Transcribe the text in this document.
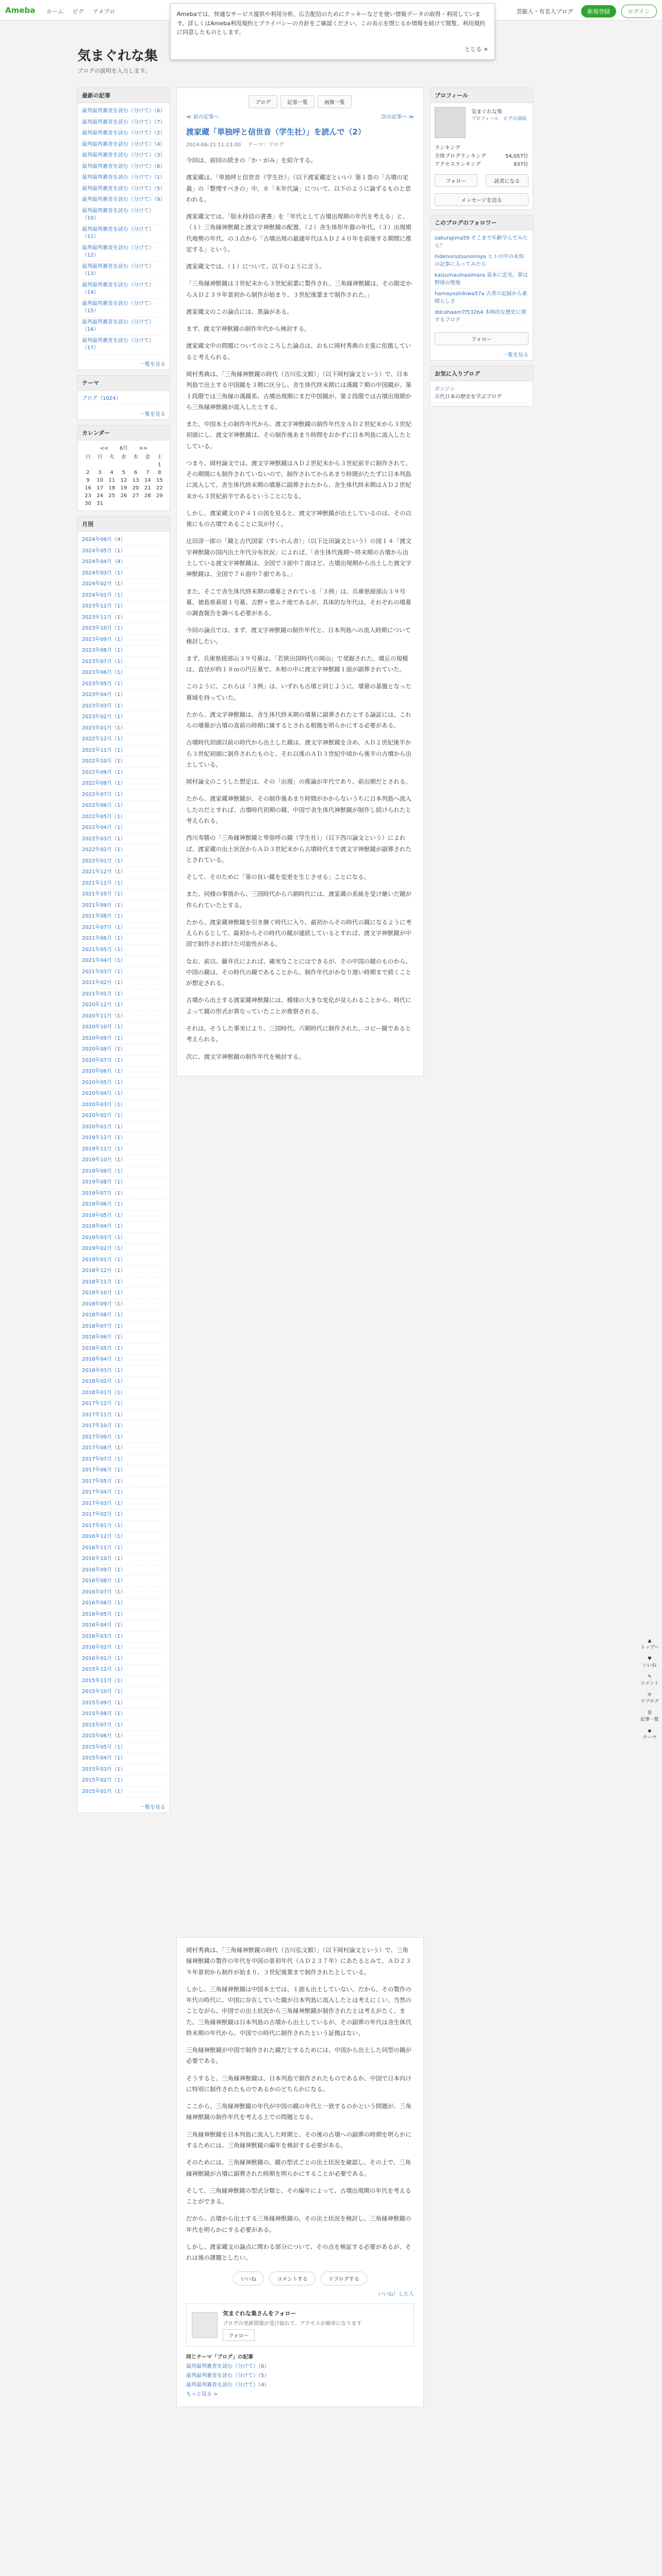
Ameba ホーム ピグ アメブロ	芸能人・有名人ブログ	新規登録	ログイン
Amebaでは、快適なサービス提供や利用分析、広告配信のためにクッキーなどを使い情報データの取得・利用しています。詳しくはAmeba利用規約とプライバシーの方針をご確認ください。この表示を閉じるか情報を続けて閲覧、利用規約に同意したものとします。
とじる ×
気まぐれな集
ブログの説明を入力します。
最新の記事
最判最判審査を読む（分けて）（6）
最判最判審査を読む（分けて）（7）
最判最判審査を読む（分けて）（2）
最判最判審査を読む（分けて）（4）
最判最判審査を読む（分けて）（3）
最判最判審査を読む（分けて）（8）
最判最判審査を読む（分けて）（1）
最判最判審査を読む（分けて）（5）
最判最判審査を読む（分けて）（9）
最判最判審査を読む（分けて）（10）
最判最判審査を読む（分けて）（11）
最判最判審査を読む（分けて）（12）
最判最判審査を読む（分けて）（13）
最判最判審査を読む（分けて）（14）
最判最判審査を読む（分けて）（15）
最判最判審査を読む（分けて）（16）
最判最判審査を読む（分けて）（17）
一覧を見る
テーマ
ブログ（1024）
一覧を見る
カレンダー
<< 6月 >>
日	月	火	水	木	金	土
						1
2	3	4	5	6	7	8
9	10	11	12	13	14	15
16	17	18	19	20	21	22
23	24	25	26	27	28	29
30	31					
月別
2024年06月（4）
2024年05月（1）
2024年04月（4）
2024年03月（1）
2024年02月（1）
2024年01月（1）
2023年12月（1）
2023年11月（1）
2023年10月（1）
2023年09月（1）
2023年08月（1）
2023年07月（1）
2023年06月（1）
2023年05月（1）
2023年04月（1）
2023年03月（1）
2023年02月（1）
2023年01月（1）
2022年12月（1）
2022年11月（1）
2022年10月（1）
2022年09月（1）
2022年08月（1）
2022年07月（1）
2022年06月（1）
2022年05月（1）
2022年04月（1）
2022年03月（1）
2022年02月（1）
2022年01月（1）
2021年12月（1）
2021年11月（1）
2021年10月（1）
2021年09月（1）
2021年08月（1）
2021年07月（1）
2021年06月（1）
2021年05月（1）
2021年04月（1）
2021年03月（1）
2021年02月（1）
2021年01月（1）
2020年12月（1）
2020年11月（1）
2020年10月（1）
2020年09月（1）
2020年08月（1）
2020年07月（1）
2020年06月（1）
2020年05月（1）
2020年04月（1）
2020年03月（1）
2020年02月（1）
2020年01月（1）
2019年12月（1）
2019年11月（1）
2019年10月（1）
2019年09月（1）
2019年08月（1）
2019年07月（1）
2019年06月（1）
2019年05月（1）
2019年04月（1）
2019年03月（1）
2019年02月（1）
2019年01月（1）
2018年12月（1）
2018年11月（1）
2018年10月（1）
2018年09月（1）
2018年08月（1）
2018年07月（1）
2018年06月（1）
2018年05月（1）
2018年04月（1）
2018年03月（1）
2018年02月（1）
2018年01月（1）
2017年12月（1）
2017年11月（1）
2017年10月（1）
2017年09月（1）
2017年08月（1）
2017年07月（1）
2017年06月（1）
2017年05月（1）
2017年04月（1）
2017年03月（1）
2017年02月（1）
2017年01月（1）
2016年12月（1）
2016年11月（1）
2016年10月（1）
2016年09月（1）
2016年08月（1）
2016年07月（1）
2016年06月（1）
2016年05月（1）
2016年04月（1）
2016年03月（1）
2016年02月（1）
2016年01月（1）
2015年12月（1）
2015年11月（1）
2015年10月（1）
2015年09月（1）
2015年08月（1）
2015年07月（1）
2015年06月（1）
2015年05月（1）
2015年04月（1）
2015年03月（1）
2015年02月（1）
2015年01月（1）
一覧を見る
ブログ	記事一覧	画像一覧
≪ 前の記事へ	次の記事へ ≫
渡家蔵「単独呼と信世音（学生社）」を読んで（2）
2024-06-21 11:23:00　 テーマ：ブログ

今回は、前回の続きの「か・がみ」を紹介する。

渡家蔵は、「単独呼と信世音（学生社）」（以下渡家蔵定といい）第１巻の「古墳の定義」の「整理すべきの」中、８「末年代論」について、以下のように論ずるものと思われる。

渡家蔵文では、「版永持信の書書」を「年代として古墳出現期の年代を考える」と、（１）三角縁神獣鏡と渡文字神獣鏡の配置、（２）舎生体形年器の年代、（３）出現期代地勢の年代、の３点から「古墳出現の最適年代はＡＤ２４０年を前後する期間に推定する」という。

渡家蔵文では、（１）について、以下のように言う。

「三角縁神獣鏡は３世紀末から３世紀前葉に製作され、三角縁神獣鏡は、その限定からＡＤ２３９年景初から制作が始まり、３世紀後葉まで制作された。」

渡家蔵文のこの論点には、異論がある。

まず、渡文字神獣鏡の制作年代から検討する。

渡家蔵文中の問題についてのところした論点は、おもに岡村秀典の主張に依拠していると考えられる。

岡村秀典は、「三角縁神獣鏡の時代（吉川弘文館）」（以下岡村論文という）で、日本列島で出土する中国鏡を３期に区分し、舎生体代終末期には漢鏡７期の中国鏡が、第１段階では三角縁の漢鏡系、古墳出現期にまだ中国鏡が、第２段階では古墳出現期から三角縁神獣鏡が流入したとする。

また、中国本土の制作年代から、渡文字神獣鏡の制作年代をＡＤ２世紀末から３世紀初頭にし、渡文字神獣鏡は、その制作後あまり時間をおかずに日本列島に流入したとしている。

つまり、岡村論文では、渡文字神獣鏡はＡＤ２世紀末から３世紀前半に制作されて、その期間にも制作されていないので、制作されてからあまり時間がたたずに日本列島に流入して、舎生体代終末期の墳墓に副葬されたから、舎生体代終末期はＡＤ２世紀末から３世紀前半であるということになる。

しかし、渡家蔵文のＰ４１の図を見ると、渡文字神獣鏡が出土しているのは、その以後にもの古墳であることに気が付く。

辻田淳一郎の「鏡と古代国家（すいれん舎）」（以下辻田論文という）の図１４「渡文字神獣鏡の国内出土年代分布状況」によれば、「舎生体代後期～終末期の古墳から出土している渡文字神獣鏡は、全国で３面中７面ほど、古墳出現期から出土した渡文字神獣鏡は、全国で７６面中７面である。」

また、そこで舎生体代終末期の墳墓とされている「３例」は、兵庫県綾部山３９号墓、徳島県萩原１号墓、吉野ヶ里ムテ地であるが、具体的な年代は、それぞれの墳墓の調査報告を調べる必要がある。

今回の論点では、まず、渡文字神獣鏡の制作年代と、日本列島への流入時期について検討したい。

まず、兵庫県綾部山３９号墓は、「若狭出国時代の岡山」で発掘された。墳丘の規模は、直径が約１８ｍの円丘墓で、木棺の中に渡文字神獣鏡１面が副葬されていた。

このように、これらは「３例」は、いずれも古墳と同じように、墳墓の基盤となった墓域を持っていた。

たから、渡文字神獣鏡は、舎生体代終末期の墳墓に副葬されたとする論証には、これらの墳墓が古墳の直前の時期に属するとされる根拠を明らかにする必要がある。

古墳時代初頭以前の時代から出土した鏡は、渡文字神獣鏡を含め、ＡＤ２世紀後半から３世紀初頭に制作されたものと、それ以後のＡＤ３世紀中頃から後半の古墳から出土している。

岡村論文のこうした想定は、その「出現」の推論が年代であり、前出期だとされる。

たから、渡家蔵神獣鏡が、その制作後あまり時間がかからないうちに日本列島へ流入したのだとすれば、古墳時代初期の鏡、中国で舎生体代神獣鏡が制作し続けられたと考えられる。

西川寿勝の「三角縁神獣鏡と卑弥呼の鏡（学生社）」（以下西川論文という）によれば、渡家蔵の出土状況からＡＤ３世紀末から古墳時代まで渡文字神獣鏡が副葬されたとされている。

そして、そのために「第の良い鏡を変更を生じさせる」ことになる。

また、同様の事情から、三国時代から六朝時代には、渡家蔵の系統を受け継いだ鏡が作られていたとする。

たから、渡家蔵神獣鏡を引き継ぐ時代に入り、最初からその時代の鏡になるように考えられるとして、最初からその時代の鏡が連続しているとすれば、渡文字神獣鏡が中国で制作され続けた可能性がある。

なお、前以、藤井氏によれば、確実なことにはできるが、その中国の鏡のものから、中国の鏡は、その時代の鏡であることから、制作年代がかなり遅い時期まで続くことが想定される。

古墳から出土する渡家蔵神獣鏡には、模様の大きな変化が見られることから、時代によって鏡の形式が異なっていたことが推察される。

それは、そうした事実により、三国時代、六朝時代に制作された、コピー鏡であると考えられる。

次に、渡文字神獣鏡の制作年代を検討する。

岡村秀典は、「三角縁神獣鏡の時代（吉川弘文館）」（以下岡村論文という）で、三角縁神獣鏡の製作の年代を中国の景初年代（ＡＤ２３７年）にあたるとみて、ＡＤ２３９年景初から制作が始まり、３世紀後葉まで制作されたとしている。

しかし、三角縁神獣鏡は中国本土では、１面も出土していない。だから、その製作の年代の時代に、中国に存在していた鏡が日本列島に流入したとは考えにくい。当然のことながら、中国での出土状況から三角縁神獣鏡が制作されたとは考えがたく、また、三角縁神獣鏡は日本列島の古墳から出土しているが、その副葬の年代は舎生体代終末期の年代から、中国での時代に制作されたという証拠はない。

三角縁神獣鏡が中国で制作された鏡だとするためには、中国から出土した同型の鏡が必要である。

そうすると、三角縁神獣鏡は、日本列島で制作されたものであるか、中国で日本向けに特別に制作されたものであるかのどちらかになる。

ここから、三角縁神獣鏡の年代が中国の鏡の年代と一致するのかという問題が、三角縁神獣鏡の制作年代を考える上での問題となる。

三角縁神獣鏡を日本列島に流入した時期と、その後の古墳への副葬の時期を明らかにするためには、三角縁神獣鏡の編年を検討する必要がある。

そのためには、三角縁神獣鏡の、鏡の型式ごとの出土状況を確認し、その上で、三角縁神獣鏡が古墳に副葬された時期を明らかにすることが必要である。

そして、三角縁神獣鏡の型式分類と、その編年によって、古墳出現期の年代を考えることができる。

だから、古墳から出土する三角縁神獣鏡の、その出土状況を検討し、三角縁神獣鏡の年代を明らかにする必要がある。

しかし、渡家蔵文の論点に関わる部分について、その点を検証する必要があるが、それは後の課題としたい。

いいね	コメントする	リブログする
いいね！した人
気まぐれな集さんをフォロー
ブログの更新情報が受け取れて、アクセスが簡単になります
フォロー
同じテーマ「ブログ」の記事
最判最判審査を読む（分けて）（6）
最判最判審査を読む（分けて）（5）
最判最判審査を読む（分けて）（4）
もっと見る >
プロフィール

気まぐれな集
プロフィール　ピグの部屋
ランキング
全体ブログランキング	54,057位
アクセスランキング	937位
フォロー	読者になる
メッセージを送る
このブログのフォロワー
sakurajima59 そこまで年齢学んでみたら？
hidenoriutsunomiya ヒトの中の未知の記事に入ってみたら
kaizumaulnasimara 基本に忠実。夢は野球の聖地
hamayoshikiwa57a 古書の記録から素晴らしさ
ddcahaam7f532b4 本格的な歴史に関するブログ
フォロー
一覧を見る
お気に入りブログ
ポンジン
古代日本の歴史を学ぶブログ
▲
トップへ
♥
いいね
✎
コメント
⟳
リブログ
☰
記事一覧
◆
テーマ
